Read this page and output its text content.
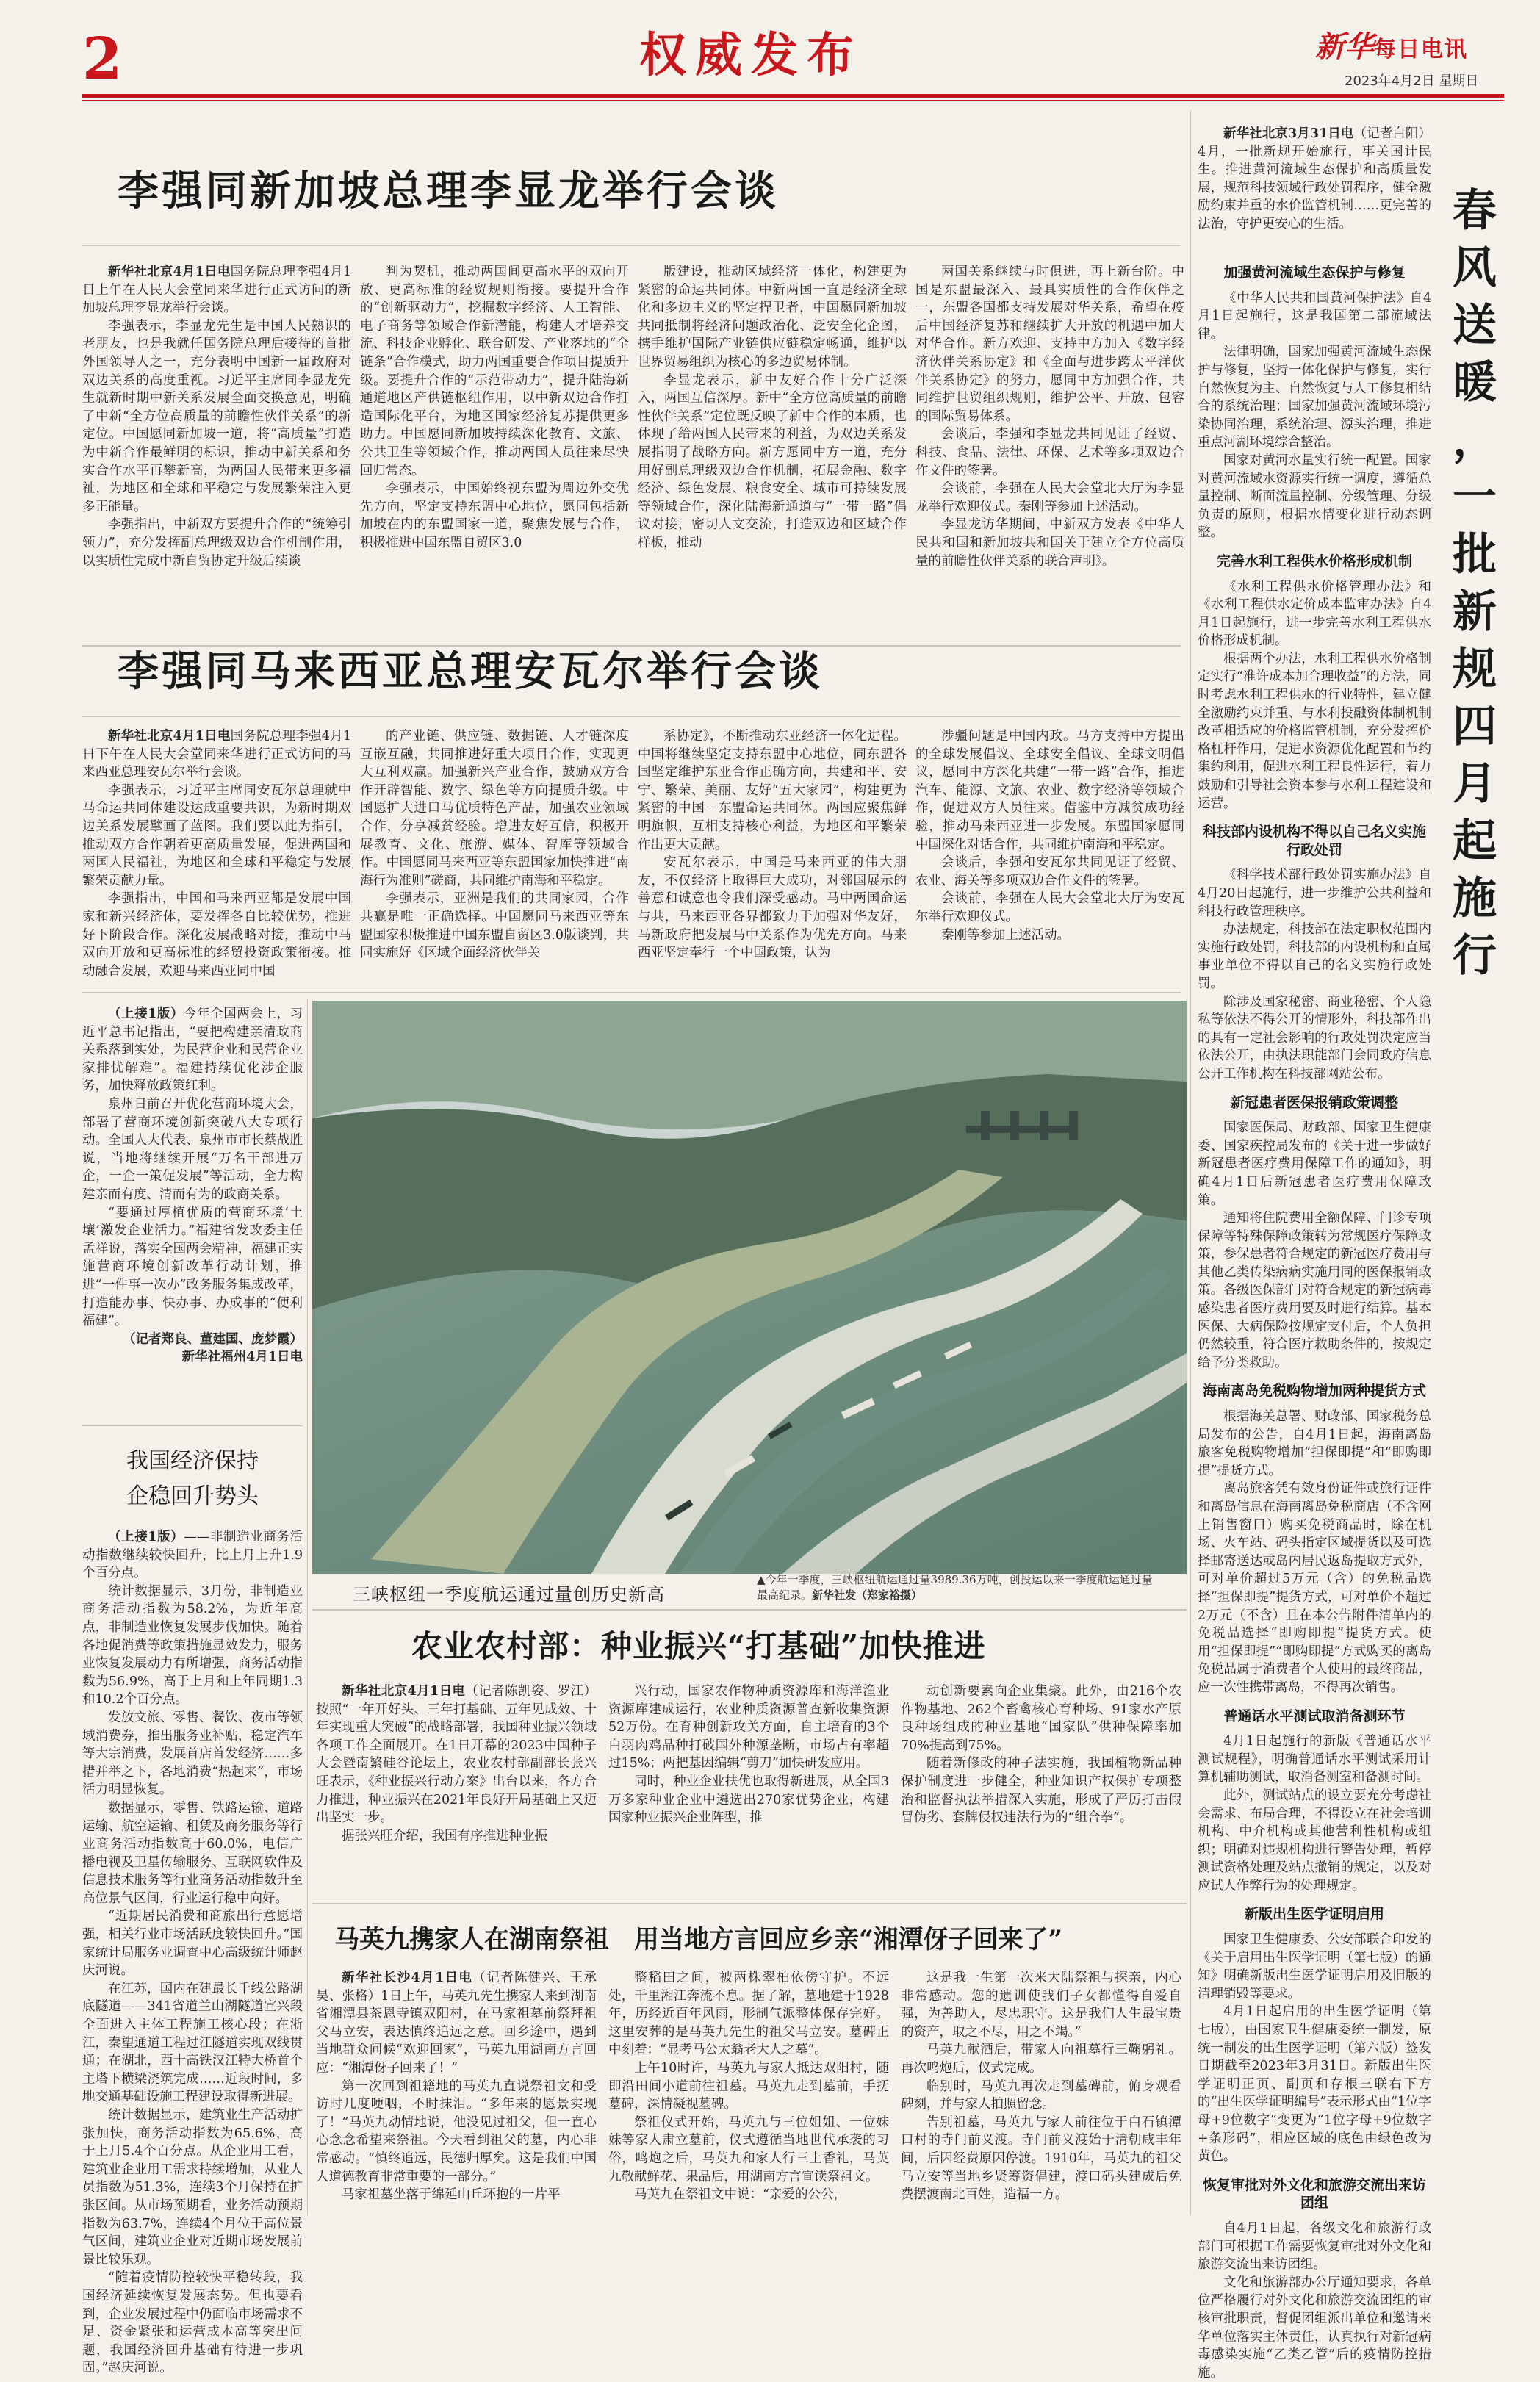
2	权威发布	新华每日电讯
2023年4月2日 星期日
李强同新加坡总理李显龙举行会谈

新华社北京4月1日电国务院总理李强4月1日上午在人民大会堂同来华进行正式访问的新加坡总理李显龙举行会谈。

李强表示，李显龙先生是中国人民熟识的老朋友，也是我就任国务院总理后接待的首批外国领导人之一，充分表明中国新一届政府对双边关系的高度重视。习近平主席同李显龙先生就新时期中新关系发展全面交换意见，明确了中新“全方位高质量的前瞻性伙伴关系”的新定位。中国愿同新加坡一道，将“高质量”打造为中新合作最鲜明的标识，推动中新关系和务实合作水平再攀新高，为两国人民带来更多福祉，为地区和全球和平稳定与发展繁荣注入更多正能量。

李强指出，中新双方要提升合作的“统筹引领力”，充分发挥副总理级双边合作机制作用，以实质性完成中新自贸协定升级后续谈

判为契机，推动两国间更高水平的双向开放、更高标准的经贸规则衔接。要提升合作的“创新驱动力”，挖掘数字经济、人工智能、电子商务等领域合作新潜能，构建人才培养交流、科技企业孵化、联合研发、产业落地的“全链条”合作模式，助力两国重要合作项目提质升级。要提升合作的“示范带动力”，提升陆海新通道地区产供链枢纽作用，以中新双边合作打造国际化平台，为地区国家经济复苏提供更多助力。中国愿同新加坡持续深化教育、文旅、公共卫生等领域合作，推动两国人员往来尽快回归常态。

李强表示，中国始终视东盟为周边外交优先方向，坚定支持东盟中心地位，愿同包括新加坡在内的东盟国家一道，聚焦发展与合作，积极推进中国东盟自贸区3.0

版建设，推动区域经济一体化，构建更为紧密的命运共同体。中新两国一直是经济全球化和多边主义的坚定捍卫者，中国愿同新加坡共同抵制将经济问题政治化、泛安全化企图，携手维护国际产业链供应链稳定畅通，维护以世界贸易组织为核心的多边贸易体制。

李显龙表示，新中友好合作十分广泛深入，两国互信深厚。新中“全方位高质量的前瞻性伙伴关系”定位既反映了新中合作的本质，也体现了给两国人民带来的利益，为双边关系发展指明了战略方向。新方愿同中方一道，充分用好副总理级双边合作机制，拓展金融、数字经济、绿色发展、粮食安全、城市可持续发展等领域合作，深化陆海新通道与“一带一路”倡议对接，密切人文交流，打造双边和区域合作样板，推动

两国关系继续与时俱进，再上新台阶。中国是东盟最深入、最具实质性的合作伙伴之一，东盟各国都支持发展对华关系，希望在疫后中国经济复苏和继续扩大开放的机遇中加大对华合作。新方欢迎、支持中方加入《数字经济伙伴关系协定》和《全面与进步跨太平洋伙伴关系协定》的努力，愿同中方加强合作，共同维护世贸组织规则，维护公平、开放、包容的国际贸易体系。

会谈后，李强和李显龙共同见证了经贸、科技、食品、法律、环保、艺术等多项双边合作文件的签署。

会谈前，李强在人民大会堂北大厅为李显龙举行欢迎仪式。秦刚等参加上述活动。

李显龙访华期间，中新双方发表《中华人民共和国和新加坡共和国关于建立全方位高质量的前瞻性伙伴关系的联合声明》。

李强同马来西亚总理安瓦尔举行会谈

新华社北京4月1日电国务院总理李强4月1日下午在人民大会堂同来华进行正式访问的马来西亚总理安瓦尔举行会谈。

李强表示，习近平主席同安瓦尔总理就中马命运共同体建设达成重要共识，为新时期双边关系发展擘画了蓝图。我们要以此为指引，推动双方合作朝着更高质量发展，促进两国和两国人民福祉，为地区和全球和平稳定与发展繁荣贡献力量。

李强指出，中国和马来西亚都是发展中国家和新兴经济体，要发挥各自比较优势，推进好下阶段合作。深化发展战略对接，推动中马双向开放和更高标准的经贸投资政策衔接。推动融合发展，欢迎马来西亚同中国

的产业链、供应链、数据链、人才链深度互嵌互融，共同推进好重大项目合作，实现更大互利双赢。加强新兴产业合作，鼓励双方合作开辟智能、数字、绿色等方向提质升级。中国愿扩大进口马优质特色产品，加强农业领域合作，分享减贫经验。增进友好互信，积极开展教育、文化、旅游、媒体、智库等领域合作。中国愿同马来西亚等东盟国家加快推进“南海行为准则”磋商，共同维护南海和平稳定。

李强表示，亚洲是我们的共同家园，合作共赢是唯一正确选择。中国愿同马来西亚等东盟国家积极推进中国东盟自贸区3.0版谈判，共同实施好《区域全面经济伙伴关

系协定》，不断推动东亚经济一体化进程。中国将继续坚定支持东盟中心地位，同东盟各国坚定维护东亚合作正确方向，共建和平、安宁、繁荣、美丽、友好“五大家园”，构建更为紧密的中国－东盟命运共同体。两国应聚焦鲜明旗帜，互相支持核心利益，为地区和平繁荣作出更大贡献。

安瓦尔表示，中国是马来西亚的伟大朋友，不仅经济上取得巨大成功，对邻国展示的善意和诚意也令我们深受感动。马中两国命运与共，马来西亚各界都致力于加强对华友好，马新政府把发展马中关系作为优先方向。马来西亚坚定奉行一个中国政策，认为

涉疆问题是中国内政。马方支持中方提出的全球发展倡议、全球安全倡议、全球文明倡议，愿同中方深化共建“一带一路”合作，推进汽车、能源、文旅、农业、数字经济等领域合作，促进双方人员往来。借鉴中方减贫成功经验，推动马来西亚进一步发展。东盟国家愿同中国深化对话合作，共同维护南海和平稳定。

会谈后，李强和安瓦尔共同见证了经贸、农业、海关等多项双边合作文件的签署。

会谈前，李强在人民大会堂北大厅为安瓦尔举行欢迎仪式。

秦刚等参加上述活动。

（上接1版）今年全国两会上，习近平总书记指出，“要把构建亲清政商关系落到实处，为民营企业和民营企业家排忧解难”。福建持续优化涉企服务，加快释放政策红利。

泉州日前召开优化营商环境大会，部署了营商环境创新突破八大专项行动。全国人大代表、泉州市市长蔡战胜说，当地将继续开展“万名干部进万企，一企一策促发展”等活动，全力构建亲而有度、清而有为的政商关系。

“要通过厚植优质的营商环境‘土壤’激发企业活力。”福建省发改委主任孟祥说，落实全国两会精神，福建正实施营商环境创新改革行动计划，推进“一件事一次办”政务服务集成改革，打造能办事、快办事、办成事的“便利福建”。

（记者郑良、董建国、庞梦霞）

新华社福州4月1日电

我国经济保持
企稳回升势头

（上接1版）——非制造业商务活动指数继续较快回升，比上月上升1.9个百分点。

统计数据显示，3月份，非制造业商务活动指数为58.2%，为近年高点，非制造业恢复发展步伐加快。随着各地促消费等政策措施显效发力，服务业恢复发展动力有所增强，商务活动指数为56.9%，高于上月和上年同期1.3和10.2个百分点。

发放文旅、零售、餐饮、夜市等领域消费券，推出服务业补贴，稳定汽车等大宗消费，发展首店首发经济……多措并举之下，各地消费“热起来”，市场活力明显恢复。

数据显示，零售、铁路运输、道路运输、航空运输、租赁及商务服务等行业商务活动指数高于60.0%，电信广播电视及卫星传输服务、互联网软件及信息技术服务等行业商务活动指数升至高位景气区间，行业运行稳中向好。

“近期居民消费和商旅出行意愿增强，相关行业市场活跃度较快回升。”国家统计局服务业调查中心高级统计师赵庆河说。

在江苏，国内在建最长千线公路湖底隧道——341省道兰山湖隧道宣兴段全面进入主体工程施工核心段；在浙江，秦望通道工程过江隧道实现双线贯通；在湖北，西十高铁汉江特大桥首个主塔下横梁浇筑完成……近段时间，多地交通基础设施工程建设取得新进展。

统计数据显示，建筑业生产活动扩张加快，商务活动指数为65.6%，高于上月5.4个百分点。从企业用工看，建筑业企业用工需求持续增加，从业人员指数为51.3%，连续3个月保持在扩张区间。从市场预期看，业务活动预期指数为63.7%，连续4个月位于高位景气区间，建筑业企业对近期市场发展前景比较乐观。

“随着疫情防控较快平稳转段，我国经济延续恢复发展态势。但也要看到，企业发展过程中仍面临市场需求不足、资金紧张和运营成本高等突出问题，我国经济回升基础有待进一步巩固。”赵庆河说。

三峡枢纽一季度航运通过量创历史新高
▲今年一季度，三峡枢纽航运通过量3989.36万吨，创投运以来一季度航运通过量最高纪录。新华社发（郑家裕摄）
农业农村部：种业振兴“打基础”加快推进

新华社北京4月1日电（记者陈凯姿、罗江）按照“一年开好头、三年打基础、五年见成效、十年实现重大突破”的战略部署，我国种业振兴领域各项工作全面展开。在1日开幕的2023中国种子大会暨南繁硅谷论坛上，农业农村部副部长张兴旺表示，《种业振兴行动方案》出台以来，各方合力推进，种业振兴在2021年良好开局基础上又迈出坚实一步。

据张兴旺介绍，我国有序推进种业振

兴行动，国家农作物种质资源库和海洋渔业资源库建成运行，农业种质资源普查新收集资源52万份。在育种创新攻关方面，自主培育的3个白羽肉鸡品种打破国外种源垄断，市场占有率超过15%；两把基因编辑“剪刀”加快研发应用。

同时，种业企业扶优也取得新进展，从全国3万多家种业企业中遴选出270家优势企业，构建国家种业振兴企业阵型，推

动创新要素向企业集聚。此外，由216个农作物基地、262个畜禽核心育种场、91家水产原良种场组成的种业基地“国家队”供种保障率加70%提高到75%。

随着新修改的种子法实施，我国植物新品种保护制度进一步健全，种业知识产权保护专项整治和监督执法举措深入实施，形成了严厉打击假冒伪劣、套牌侵权违法行为的“组合拳”。

马英九携家人在湖南祭祖　用当地方言回应乡亲“湘潭伢子回来了”

新华社长沙4月1日电（记者陈健兴、王承昊、张格）1日上午，马英九先生携家人来到湖南省湘潭县茶恩寺镇双阳村，在马家祖墓前祭拜祖父马立安，表达慎终追远之意。回乡途中，遇到当地群众问候“欢迎回家”，马英九用湖南方言回应：“湘潭伢子回来了！”

第一次回到祖籍地的马英九直说祭祖文和受访时几度哽咽，不时抹泪。“多年来的愿景实现了！”马英九动情地说，他没见过祖父，但一直心心念念希望来祭祖。今天看到祖父的墓，内心非常感动。“慎终追远，民德归厚矣。这是我们中国人道德教育非常重要的一部分。”

马家祖墓坐落于绵延山丘环抱的一片平

整稻田之间，被两株翠柏依傍守护。不远处，千里湘江奔流不息。据了解，墓地建于1928年，历经近百年风雨，形制气派整体保存完好。这里安葬的是马英九先生的祖父马立安。墓碑正中刻着：“显考马公太翁老大人之墓”。

上午10时许，马英九与家人抵达双阳村，随即沿田间小道前往祖墓。马英九走到墓前，手抚墓碑，深情凝视墓碑。

祭祖仪式开始，马英九与三位姐姐、一位妹妹等家人肃立墓前，仪式遵循当地世代承袭的习俗，鸣炮之后，马英九和家人行三上香礼，马英九敬献鲜花、果品后，用湖南方言宣读祭祖文。

马英九在祭祖文中说：“亲爱的公公，

这是我一生第一次来大陆祭祖与探亲，内心非常感动。您的遗训使我们子女都懂得自爱自强，为善助人，尽忠职守。这是我们人生最宝贵的资产，取之不尽，用之不竭。”

马英九献酒后，带家人向祖墓行三鞠躬礼。再次鸣炮后，仪式完成。

临别时，马英九再次走到墓碑前，俯身观看碑刻，并与家人拍照留念。

告别祖墓，马英九与家人前往位于白石镇潭口村的寺门前义渡。寺门前义渡始于清朝咸丰年间，后因经费原因停渡。1910年，马英九的祖父马立安等当地乡贤筹资倡建，渡口码头建成后免费摆渡南北百姓，造福一方。

新华社北京3月31日电（记者白阳）4月，一批新规开始施行，事关国计民生。推进黄河流域生态保护和高质量发展，规范科技领域行政处罚程序，健全激励约束并重的水价监管机制……更完善的法治，守护更安心的生活。	春
风
送
暖
，
一
批
新
规
四
月
起
施
行
加强黄河流域生态保护与修复

《中华人民共和国黄河保护法》自4月1日起施行，这是我国第二部流域法律。

法律明确，国家加强黄河流域生态保护与修复，坚持一体化保护与修复，实行自然恢复为主、自然恢复与人工修复相结合的系统治理；国家加强黄河流域环境污染协同治理，系统治理、源头治理，推进重点河湖环境综合整治。

国家对黄河水量实行统一配置。国家对黄河流域水资源实行统一调度，遵循总量控制、断面流量控制、分级管理、分级负责的原则，根据水情变化进行动态调整。

完善水利工程供水价格形成机制

《水利工程供水价格管理办法》和《水利工程供水定价成本监审办法》自4月1日起施行，进一步完善水利工程供水价格形成机制。

根据两个办法，水利工程供水价格制定实行“准许成本加合理收益”的方法，同时考虑水利工程供水的行业特性，建立健全激励约束并重、与水利投融资体制机制改革相适应的价格监管机制，充分发挥价格杠杆作用，促进水资源优化配置和节约集约利用，促进水利工程良性运行，着力鼓励和引导社会资本参与水利工程建设和运营。

科技部内设机构不得以自己名义实施行政处罚

《科学技术部行政处罚实施办法》自4月20日起施行，进一步维护公共利益和科技行政管理秩序。

办法规定，科技部在法定职权范围内实施行政处罚，科技部的内设机构和直属事业单位不得以自己的名义实施行政处罚。

除涉及国家秘密、商业秘密、个人隐私等依法不得公开的情形外，科技部作出的具有一定社会影响的行政处罚决定应当依法公开，由执法职能部门会同政府信息公开工作机构在科技部网站公布。

新冠患者医保报销政策调整

国家医保局、财政部、国家卫生健康委、国家疾控局发布的《关于进一步做好新冠患者医疗费用保障工作的通知》，明确4月1日后新冠患者医疗费用保障政策。

通知将住院费用全额保障、门诊专项保障等特殊保障政策转为常规医疗保障政策，参保患者符合规定的新冠医疗费用与其他乙类传染病病实施用同的医保报销政策。各级医保部门对符合规定的新冠病毒感染患者医疗费用要及时进行结算。基本医保、大病保险按规定支付后，个人负担仍然较重，符合医疗救助条件的，按规定给予分类救助。

海南离岛免税购物增加两种提货方式

根据海关总署、财政部、国家税务总局发布的公告，自4月1日起，海南离岛旅客免税购物增加“担保即提”和“即购即提”提货方式。

离岛旅客凭有效身份证件或旅行证件和离岛信息在海南离岛免税商店（不含网上销售窗口）购买免税商品时，除在机场、火车站、码头指定区域提货以及可选择邮寄送达或岛内居民返岛提取方式外，可对单价超过5万元（含）的免税品选择“担保即提”提货方式，可对单价不超过2万元（不含）且在本公告附件清单内的免税品选择“即购即提”提货方式。使用“担保即提”“即购即提”方式购买的离岛免税品属于消费者个人使用的最终商品，应一次性携带离岛，不得再次销售。

普通话水平测试取消备测环节

4月1日起施行的新版《普通话水平测试规程》，明确普通话水平测试采用计算机辅助测试，取消备测室和备测时间。

此外，测试站点的设立要充分考虑社会需求、布局合理，不得设立在社会培训机构、中介机构或其他营利性机构或组织；明确对违规机构进行警告处理，暂停测试资格处理及站点撤销的规定，以及对应试人作弊行为的处理规定。

新版出生医学证明启用

国家卫生健康委、公安部联合印发的《关于启用出生医学证明（第七版）的通知》明确新版出生医学证明启用及旧版的清理销毁等要求。

4月1日起启用的出生医学证明（第七版），由国家卫生健康委统一制发，原统一制发的出生医学证明（第六版）签发日期截至2023年3月31日。新版出生医学证明正页、副页和存根三联右下方的“出生医学证明编号”表示形式由“1位字母+9位数字”变更为“1位字母+9位数字+条形码”，相应区域的底色由绿色改为黄色。

恢复审批对外文化和旅游交流出来访团组

自4月1日起，各级文化和旅游行政部门可根据工作需要恢复审批对外文化和旅游交流出来访团组。

文化和旅游部办公厅通知要求，各单位严格履行对外文化和旅游交流团组的审核审批职责，督促团组派出单位和邀请来华单位落实主体责任，认真执行对新冠病毒感染实施“乙类乙管”后的疫情防控措施。
